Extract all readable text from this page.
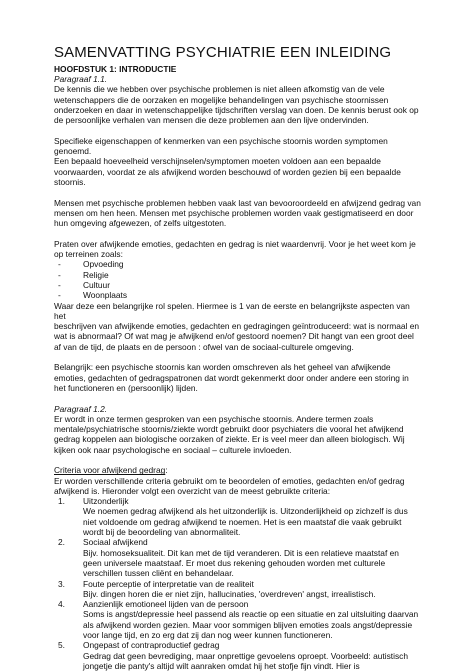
SAMENVATTING PSYCHIATRIE EEN INLEIDING
HOOFDSTUK 1: INTRODUCTIE
Paragraaf 1.1.

De kennis die we hebben over psychische problemen is niet alleen afkomstig van de vele
wetenschappers die de oorzaken en mogelijke behandelingen van psychische stoornissen
onderzoeken en daar in wetenschappelijke tijdschriften verslag van doen. De kennis berust ook op
de persoonlijke verhalen van mensen die deze problemen aan den lijve ondervinden.

Specifieke eigenschappen of kenmerken van een psychische stoornis worden symptomen genoemd.
Een bepaald hoeveelheid verschijnselen/symptomen moeten voldoen aan een bepaalde
voorwaarden, voordat ze als afwijkend worden beschouwd of worden gezien bij een bepaalde
stoornis.

Mensen met psychische problemen hebben vaak last van bevooroordeeld en afwijzend gedrag van
mensen om hen heen. Mensen met psychische problemen worden vaak gestigmatiseerd en door
hun omgeving afgewezen, of zelfs uitgestoten.

Praten over afwijkende emoties, gedachten en gedrag is niet waardenvrij. Voor je het weet kom je
op terreinen zoals:

-	Opvoeding
-	Religie
-	Cultuur
-	Woonplaats

Waar deze een belangrijke rol spelen. Hiermee is 1 van de eerste en belangrijkste aspecten van het
beschrijven van afwijkende emoties, gedachten en gedragingen geïntroduceerd: wat is normaal en
wat is abnormaal? Of wat mag je afwijkend en/of gestoord noemen? Dit hangt van een groot deel
af van de tijd, de plaats en de persoon : ofwel van de sociaal-culturele omgeving.

Belangrijk: een psychische stoornis kan worden omschreven als het geheel van afwijkende
emoties, gedachten of gedragspatronen dat wordt gekenmerkt door onder andere een storing in
het functioneren en (persoonlijk) lijden.

Paragraaf 1.2.

Er wordt in onze termen gesproken van een psychische stoornis. Andere termen zoals
mentale/psychiatrische stoornis/ziekte wordt gebruikt door psychiaters die vooral het afwijkend
gedrag koppelen aan biologische oorzaken of ziekte. Er is veel meer dan alleen biologisch. Wij
kijken ook naar psychologische en sociaal – culturele invloeden.

Criteria voor afwijkend gedrag:

Er worden verschillende criteria gebruikt om te beoordelen of emoties, gedachten en/of gedrag
afwijkend is. Hieronder volgt een overzicht van de meest gebruikte criteria:

1. Uitzonderlijk
We noemen gedrag afwijkend als het uitzonderlijk is. Uitzonderlijkheid op zichzelf is dus
niet voldoende om gedrag afwijkend te noemen. Het is een maatstaf die vaak gebruikt
wordt bij de beoordeling van abnormaliteit.
2. Sociaal afwijkend
Bijv. homoseksualiteit. Dit kan met de tijd veranderen. Dit is een relatieve maatstaf en
geen universele maatstaaf. Er moet dus rekening gehouden worden met culturele
verschillen tussen cliënt en behandelaar.
3. Foute perceptie of interpretatie van de realiteit
Bijv. dingen horen die er niet zijn, hallucinaties, 'overdreven' angst, irrealistisch.
4. Aanzienlijk emotioneel lijden van de persoon
Soms is angst/depressie heel passend als reactie op een situatie en zal uitsluiting daarvan
als afwijkend worden gezien. Maar voor sommigen blijven emoties zoals angst/depressie
voor lange tijd, en zo erg dat zij dan nog weer kunnen functioneren.
5. Ongepast of contraproductief gedrag
Gedrag dat geen bevrediging, maar onprettige gevoelens oproept. Voorbeeld: autistisch
jongetje die panty's altijd wilt aanraken omdat hij het stofje fijn vindt. Hier is
